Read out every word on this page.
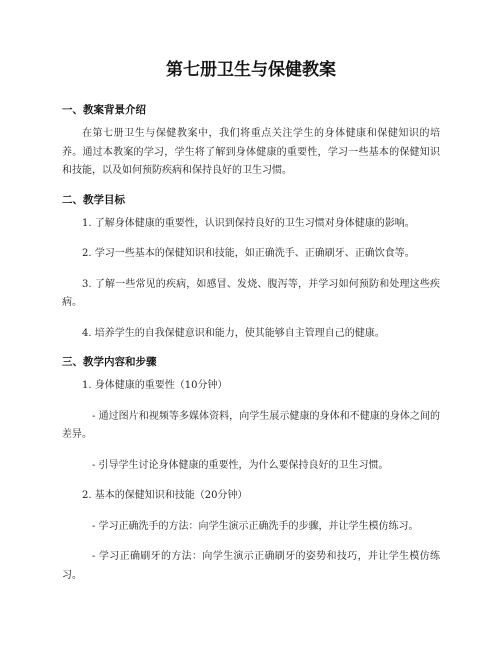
第七册卫生与保健教案
一、教案背景介绍

在第七册卫生与保健教案中，我们将重点关注学生的身体健康和保健知识的培养。通过本教案的学习，学生将了解到身体健康的重要性，学习一些基本的保健知识和技能，以及如何预防疾病和保持良好的卫生习惯。

二、教学目标

1. 了解身体健康的重要性，认识到保持良好的卫生习惯对身体健康的影响。

2. 学习一些基本的保健知识和技能，如正确洗手、正确刷牙、正确饮食等。

3. 了解一些常见的疾病，如感冒、发烧、腹泻等，并学习如何预防和处理这些疾病。

4. 培养学生的自我保健意识和能力，使其能够自主管理自己的健康。

三、教学内容和步骤

1. 身体健康的重要性（10分钟）

- 通过图片和视频等多媒体资料，向学生展示健康的身体和不健康的身体之间的差异。

- 引导学生讨论身体健康的重要性，为什么要保持良好的卫生习惯。

2. 基本的保健知识和技能（20分钟）

- 学习正确洗手的方法：向学生演示正确洗手的步骤，并让学生模仿练习。

- 学习正确刷牙的方法：向学生演示正确刷牙的姿势和技巧，并让学生模仿练习。
